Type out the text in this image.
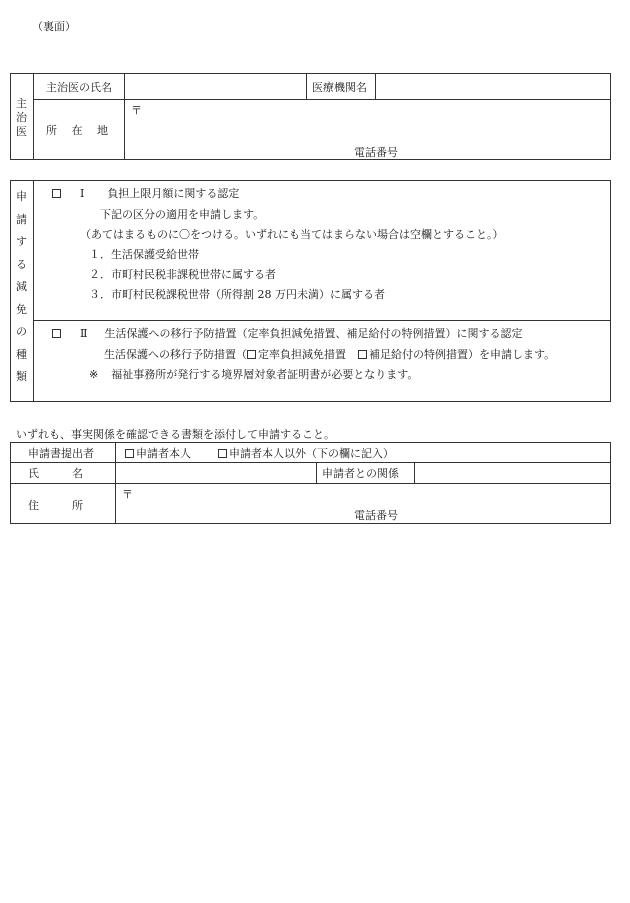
（裏面）
主
治
医
主治医の氏名	医療機関名
所　 在　 地
〒
電話番号
申
請
す
る
減
免
の
種
類
Ⅰ 負担上限月額に関する認定
下記の区分の適用を申請します。
（あてはまるものに〇をつける。いずれにも当てはまらない場合は空欄とすること。）
１．生活保護受給世帯
２．市町村民税非課税世帯に属する者
３．市町村民税課税世帯（所得割 28 万円未満）に属する者
Ⅱ 生活保護への移行予防措置（定率負担減免措置、補足給付の特例措置）に関する認定
生活保護への移行予防措置（ 定率負担減免措置 補足給付の特例措置）を申請します。
※ 福祉事務所が発行する境界層対象者証明書が必要となります。
いずれも、事実関係を確認できる書類を添付して申請すること。
申請書提出者	申請者本人	申請者本人以外（下の欄に記入）
氏　　　名	申請者との関係
住　　　所
〒
電話番号
